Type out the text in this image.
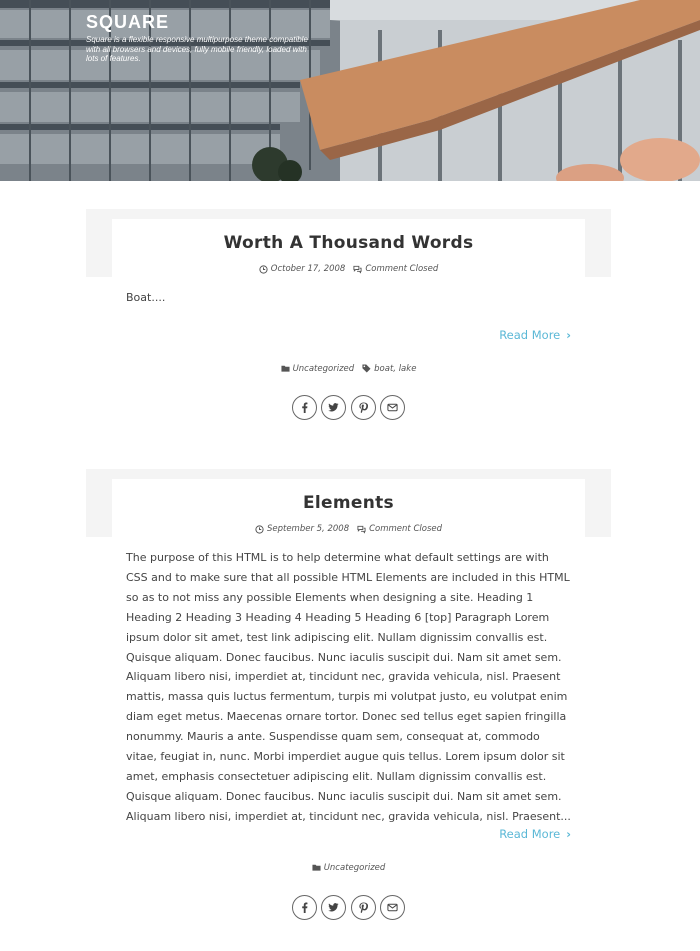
SQUARE
Square is a flexible responsive multipurpose theme compatible with all browsers and devices, fully mobile friendly, loaded with lots of features.
Worth A Thousand Words
October 17, 2008 Comment Closed

Boat....

Read More ›
Uncategorized boat, lake
Elements
September 5, 2008 Comment Closed

The purpose of this HTML is to help determine what default settings are with CSS and to make sure that all possible HTML Elements are included in this HTML so as to not miss any possible Elements when designing a site. Heading 1 Heading 2 Heading 3 Heading 4 Heading 5 Heading 6 [top] Paragraph Lorem ipsum dolor sit amet, test link adipiscing elit. Nullam dignissim convallis est. Quisque aliquam. Donec faucibus. Nunc iaculis suscipit dui. Nam sit amet sem. Aliquam libero nisi, imperdiet at, tincidunt nec, gravida vehicula, nisl. Praesent mattis, massa quis luctus fermentum, turpis mi volutpat justo, eu volutpat enim diam eget metus. Maecenas ornare tortor. Donec sed tellus eget sapien fringilla nonummy. Mauris a ante. Suspendisse quam sem, consequat at, commodo vitae, feugiat in, nunc. Morbi imperdiet augue quis tellus. Lorem ipsum dolor sit amet, emphasis consectetuer adipiscing elit. Nullam dignissim convallis est. Quisque aliquam. Donec faucibus. Nunc iaculis suscipit dui. Nam sit amet sem. Aliquam libero nisi, imperdiet at, tincidunt nec, gravida vehicula, nisl. Praesent...

Read More ›
Uncategorized
